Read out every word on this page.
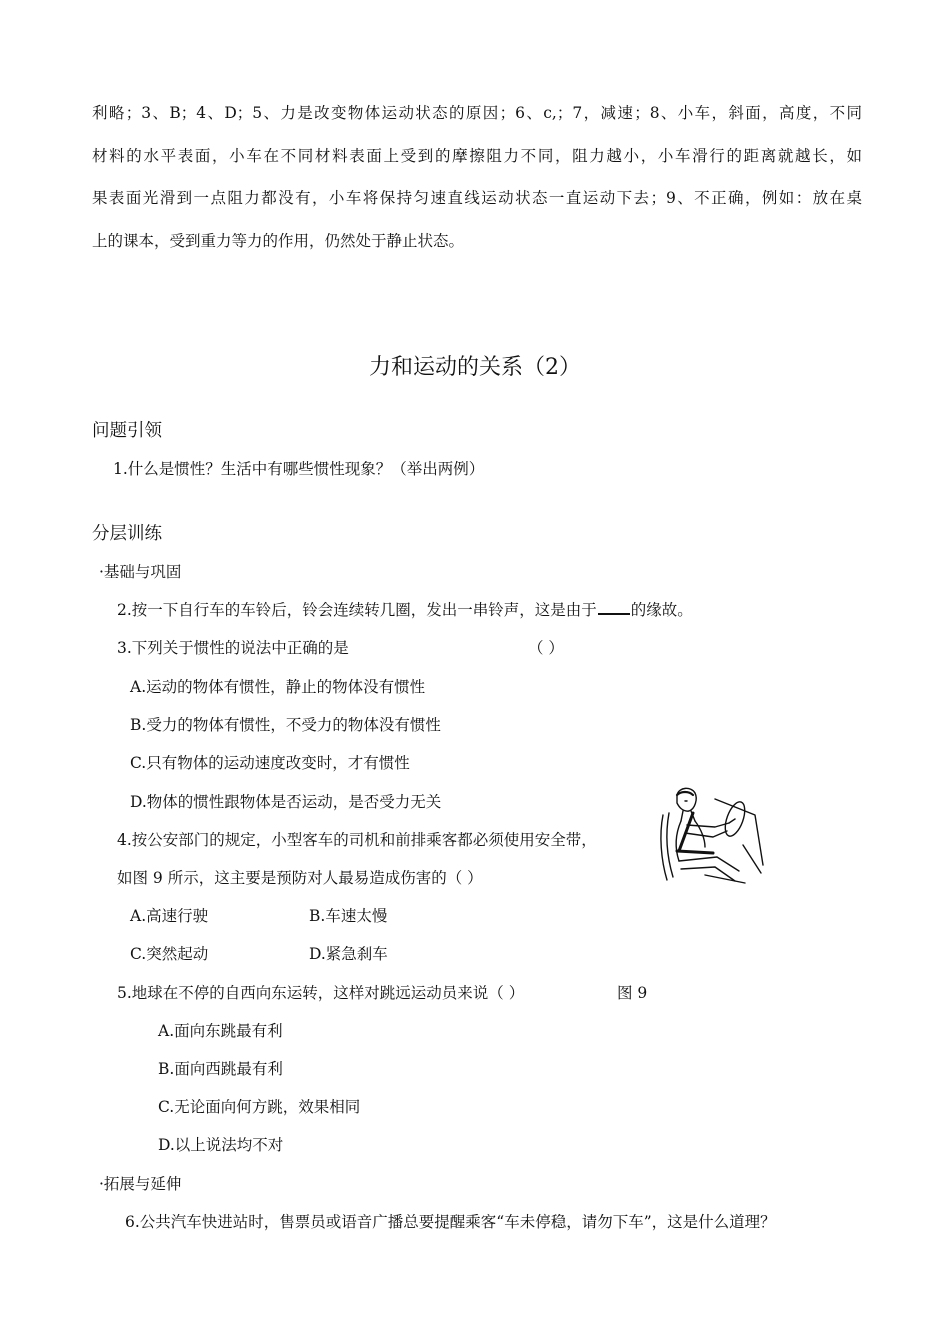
利略；3、B；4、D；5、力是改变物体运动状态的原因；6、c,；7，减速；8、小车，斜面，高度，不同
材料的水平表面，小车在不同材料表面上受到的摩擦阻力不同，阻力越小，小车滑行的距离就越长，如
果表面光滑到一点阻力都没有，小车将保持匀速直线运动状态一直运动下去；9、不正确，例如：放在桌
上的课本，受到重力等力的作用，仍然处于静止状态。
力和运动的关系（2）
问题引领
1.什么是惯性？生活中有哪些惯性现象？（举出两例）
分层训练
·基础与巩固
2.按一下自行车的车铃后，铃会连续转几圈，发出一串铃声，这是由于 的缘故。
3.下列关于惯性的说法中正确的是	（ ）
A.运动的物体有惯性，静止的物体没有惯性
B.受力的物体有惯性，不受力的物体没有惯性
C.只有物体的运动速度改变时，才有惯性
D.物体的惯性跟物体是否运动，是否受力无关
4.按公安部门的规定，小型客车的司机和前排乘客都必须使用安全带，
如图 9 所示，这主要是预防对人最易造成伤害的（ ）
A.高速行驶	B.车速太慢
C.突然起动	D.紧急刹车
5.地球在不停的自西向东运转，这样对跳远运动员来说（ ）	图 9
A.面向东跳最有利
B.面向西跳最有利
C.无论面向何方跳，效果相同
D.以上说法均不对
·拓展与延伸
6.公共汽车快进站时，售票员或语音广播总要提醒乘客“车未停稳，请勿下车”，这是什么道理？
